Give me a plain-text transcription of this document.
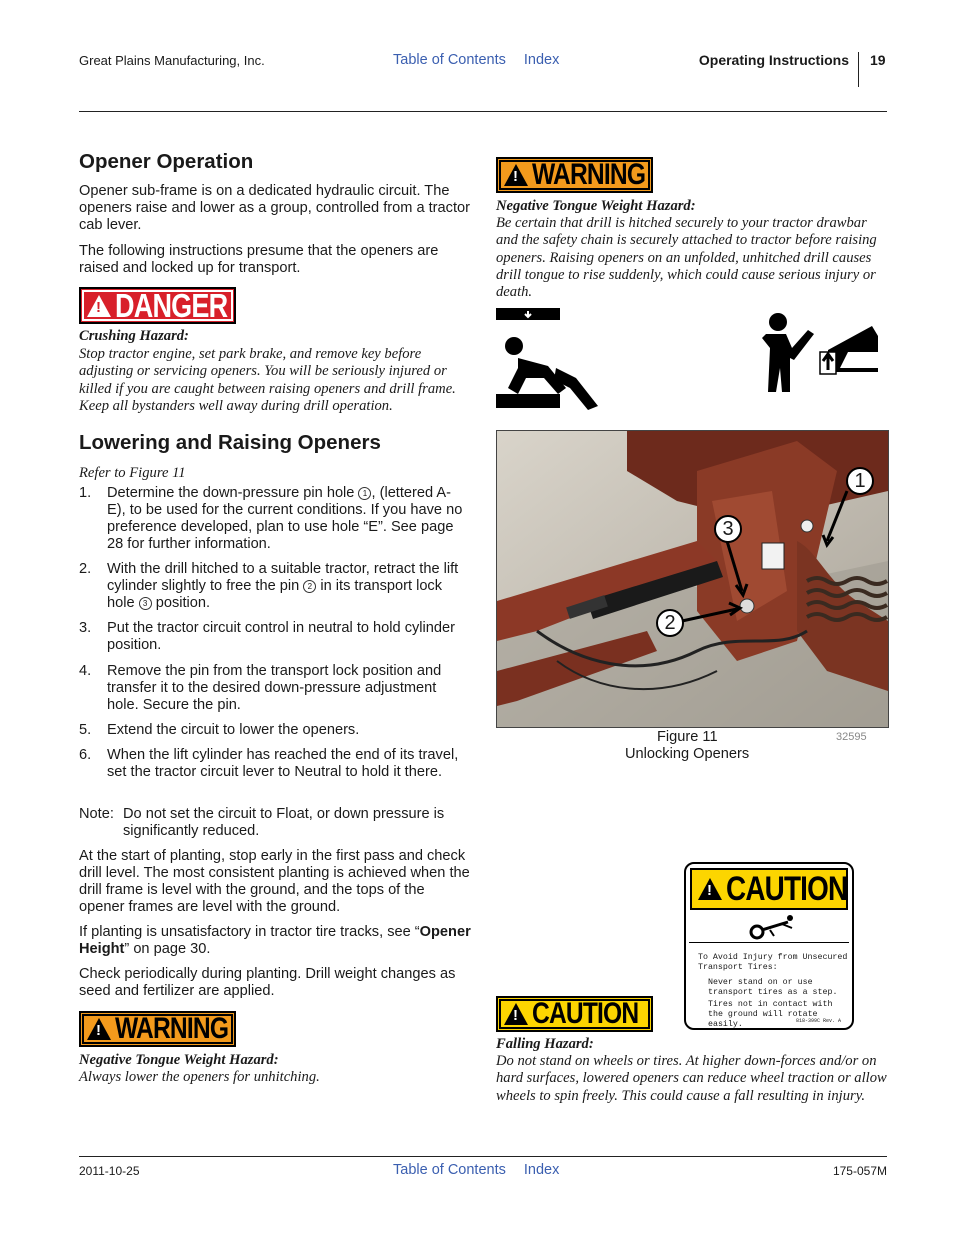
Great Plains Manufacturing, Inc.	Table of Contents Index	Operating Instructions 19
Opener Operation

Opener sub-frame is on a dedicated hydraulic circuit. The openers raise and lower as a group, controlled from a tractor cab lever.

The following instructions presume that the openers are raised and locked up for transport.

!
DANGER
Crushing Hazard:

Stop tractor engine, set park brake, and remove key before adjusting or servicing openers. You will be seriously injured or killed if you are caught between raising openers and drill frame. Keep all bystanders well away during drill operation.

Lowering and Raising Openers
Refer to Figure 11
1. Determine the down-pressure pin hole 1 , (lettered A-E), to be used for the current conditions. If you have no preference developed, plan to use hole “E”. See page 28 for further information.
2. With the drill hitched to a suitable tractor, retract the lift cylinder slightly to free the pin 2 in its transport lock hole 3 position.
3. Put the tractor circuit control in neutral to hold cylinder position.
4. Remove the pin from the transport lock position and transfer it to the desired down-pressure adjustment hole. Secure the pin.
5. Extend the circuit to lower the openers.
6. When the lift cylinder has reached the end of its travel, set the tractor circuit lever to Neutral to hold it there.
Note: Do not set the circuit to Float, or down pressure is significantly reduced.

At the start of planting, stop early in the first pass and check drill level. The most consistent planting is achieved when the drill frame is level with the ground, and the tops of the opener frames are level with the ground.

If planting is unsatisfactory in tractor tire tracks, see “Opener Height” on page 30.

Check periodically during planting. Drill weight changes as seed and fertilizer are applied.

!
WARNING
Negative Tongue Weight Hazard:

Always lower the openers for unhitching.

!
WARNING
Negative Tongue Weight Hazard:

Be certain that drill is hitched securely to your tractor drawbar and the safety chain is securely attached to tractor before raising openers. Raising openers on an unfolded, unhitched drill causes drill tongue to rise suddenly, which could cause serious injury or death.

1
3
2
Figure 11	32595
Unlocking Openers
!
CAUTION
To Avoid Injury from Unsecured
Transport Tires:
Never stand on or use transport tires as a step.
Tires not in contact with the ground will rotate easily.	818-399C Rev. A
!
CAUTION
Falling Hazard:

Do not stand on wheels or tires. At higher down-forces and/or on hard surfaces, lowered openers can reduce wheel traction or allow wheels to spin freely. This could cause a fall resulting in injury.

2011-10-25	Table of Contents Index	175-057M
